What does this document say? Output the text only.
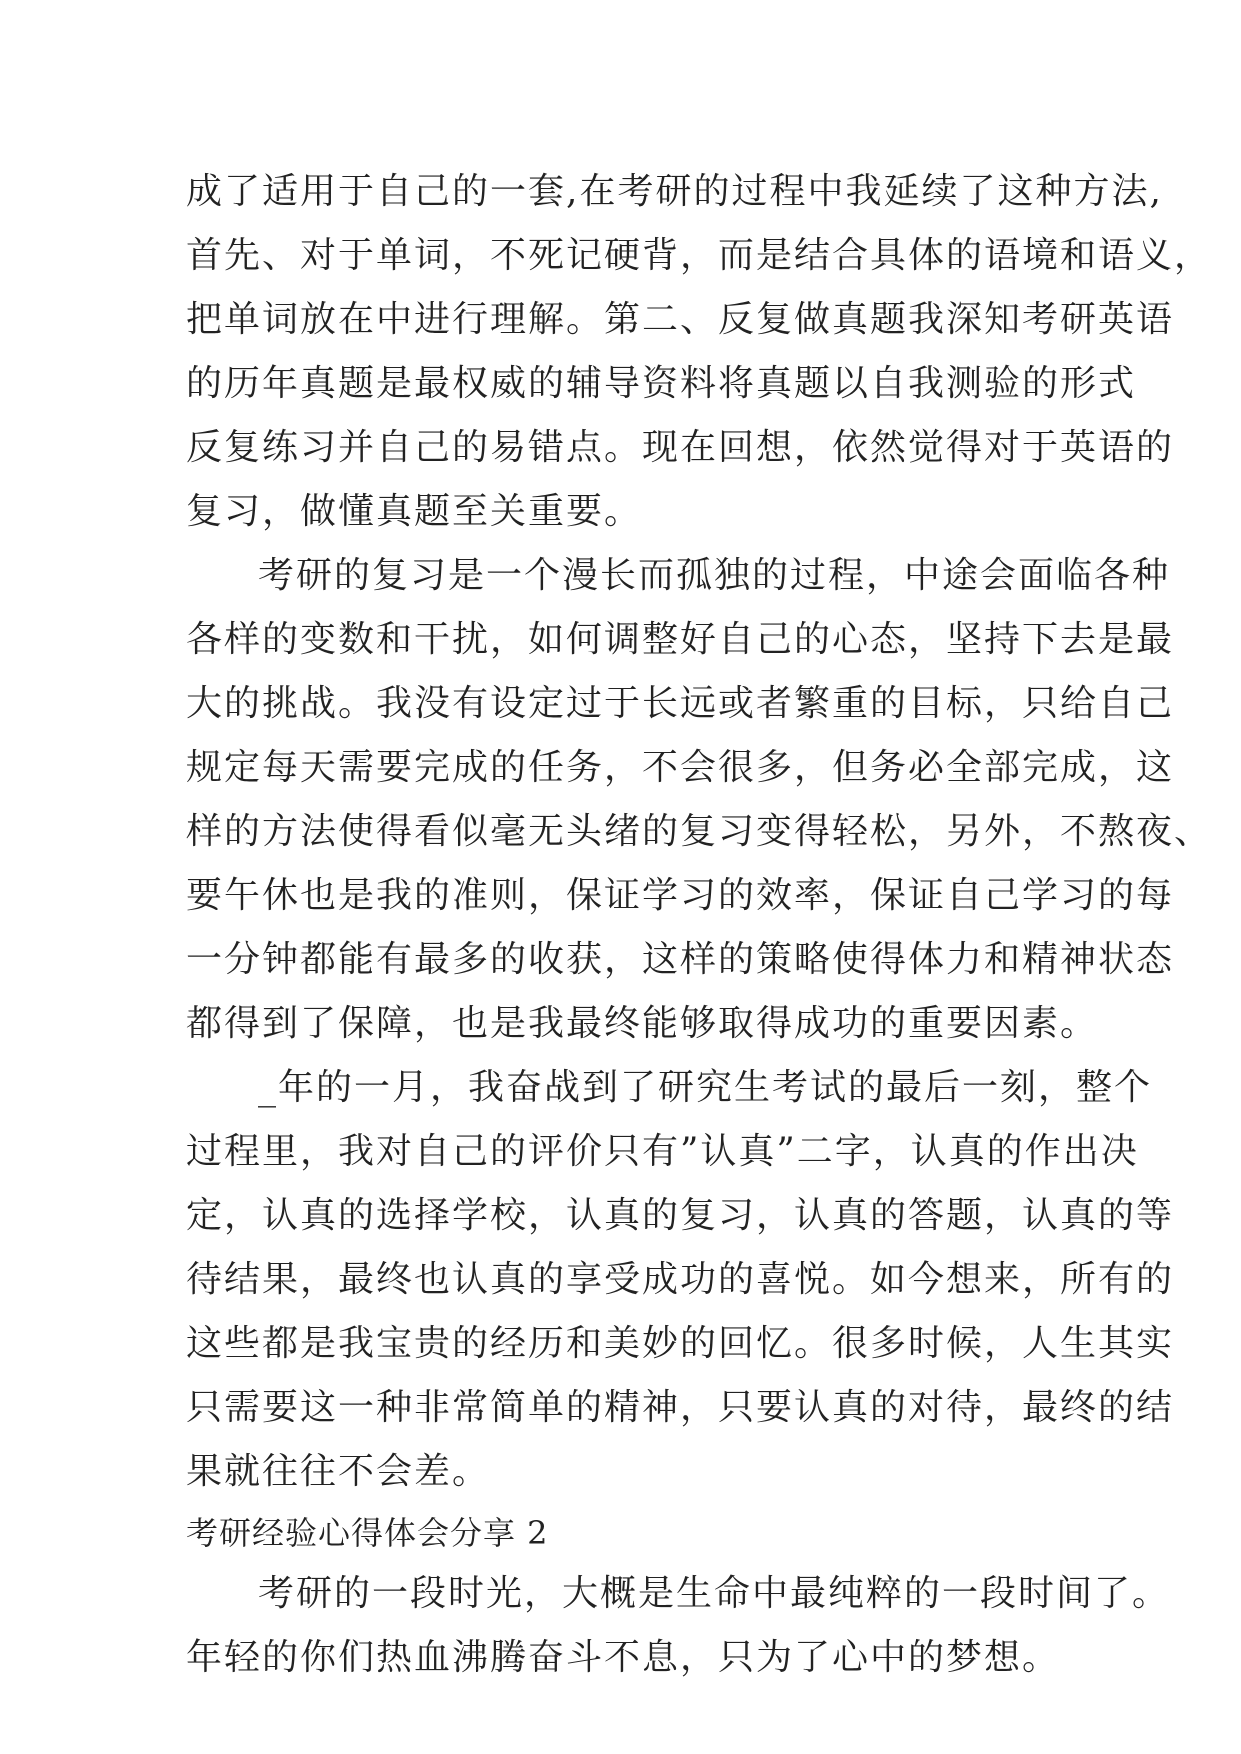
成了适用于自己的一套,在考研的过程中我延续了这种方法,
首先、对于单词，不死记硬背，而是结合具体的语境和语义，
把单词放在中进行理解。第二、反复做真题我深知考研英语
的历年真题是最权威的辅导资料将真题以自我测验的形式
反复练习并自己的易错点。现在回想，依然觉得对于英语的
复习，做懂真题至关重要。
考研的复习是一个漫长而孤独的过程，中途会面临各种
各样的变数和干扰，如何调整好自己的心态，坚持下去是最
大的挑战。我没有设定过于长远或者繁重的目标，只给自己
规定每天需要完成的任务，不会很多，但务必全部完成，这
样的方法使得看似毫无头绪的复习变得轻松，另外，不熬夜、
要午休也是我的准则，保证学习的效率，保证自己学习的每
一分钟都能有最多的收获，这样的策略使得体力和精神状态
都得到了保障，也是我最终能够取得成功的重要因素。
_年的一月，我奋战到了研究生考试的最后一刻，整个
过程里，我对自己的评价只有”认真”二字，认真的作出决
定，认真的选择学校，认真的复习，认真的答题，认真的等
待结果，最终也认真的享受成功的喜悦。如今想来，所有的
这些都是我宝贵的经历和美妙的回忆。很多时候，人生其实
只需要这一种非常简单的精神，只要认真的对待，最终的结
果就往往不会差。
考研经验心得体会分享 2
考研的一段时光，大概是生命中最纯粹的一段时间了。
年轻的你们热血沸腾奋斗不息，只为了心中的梦想。
